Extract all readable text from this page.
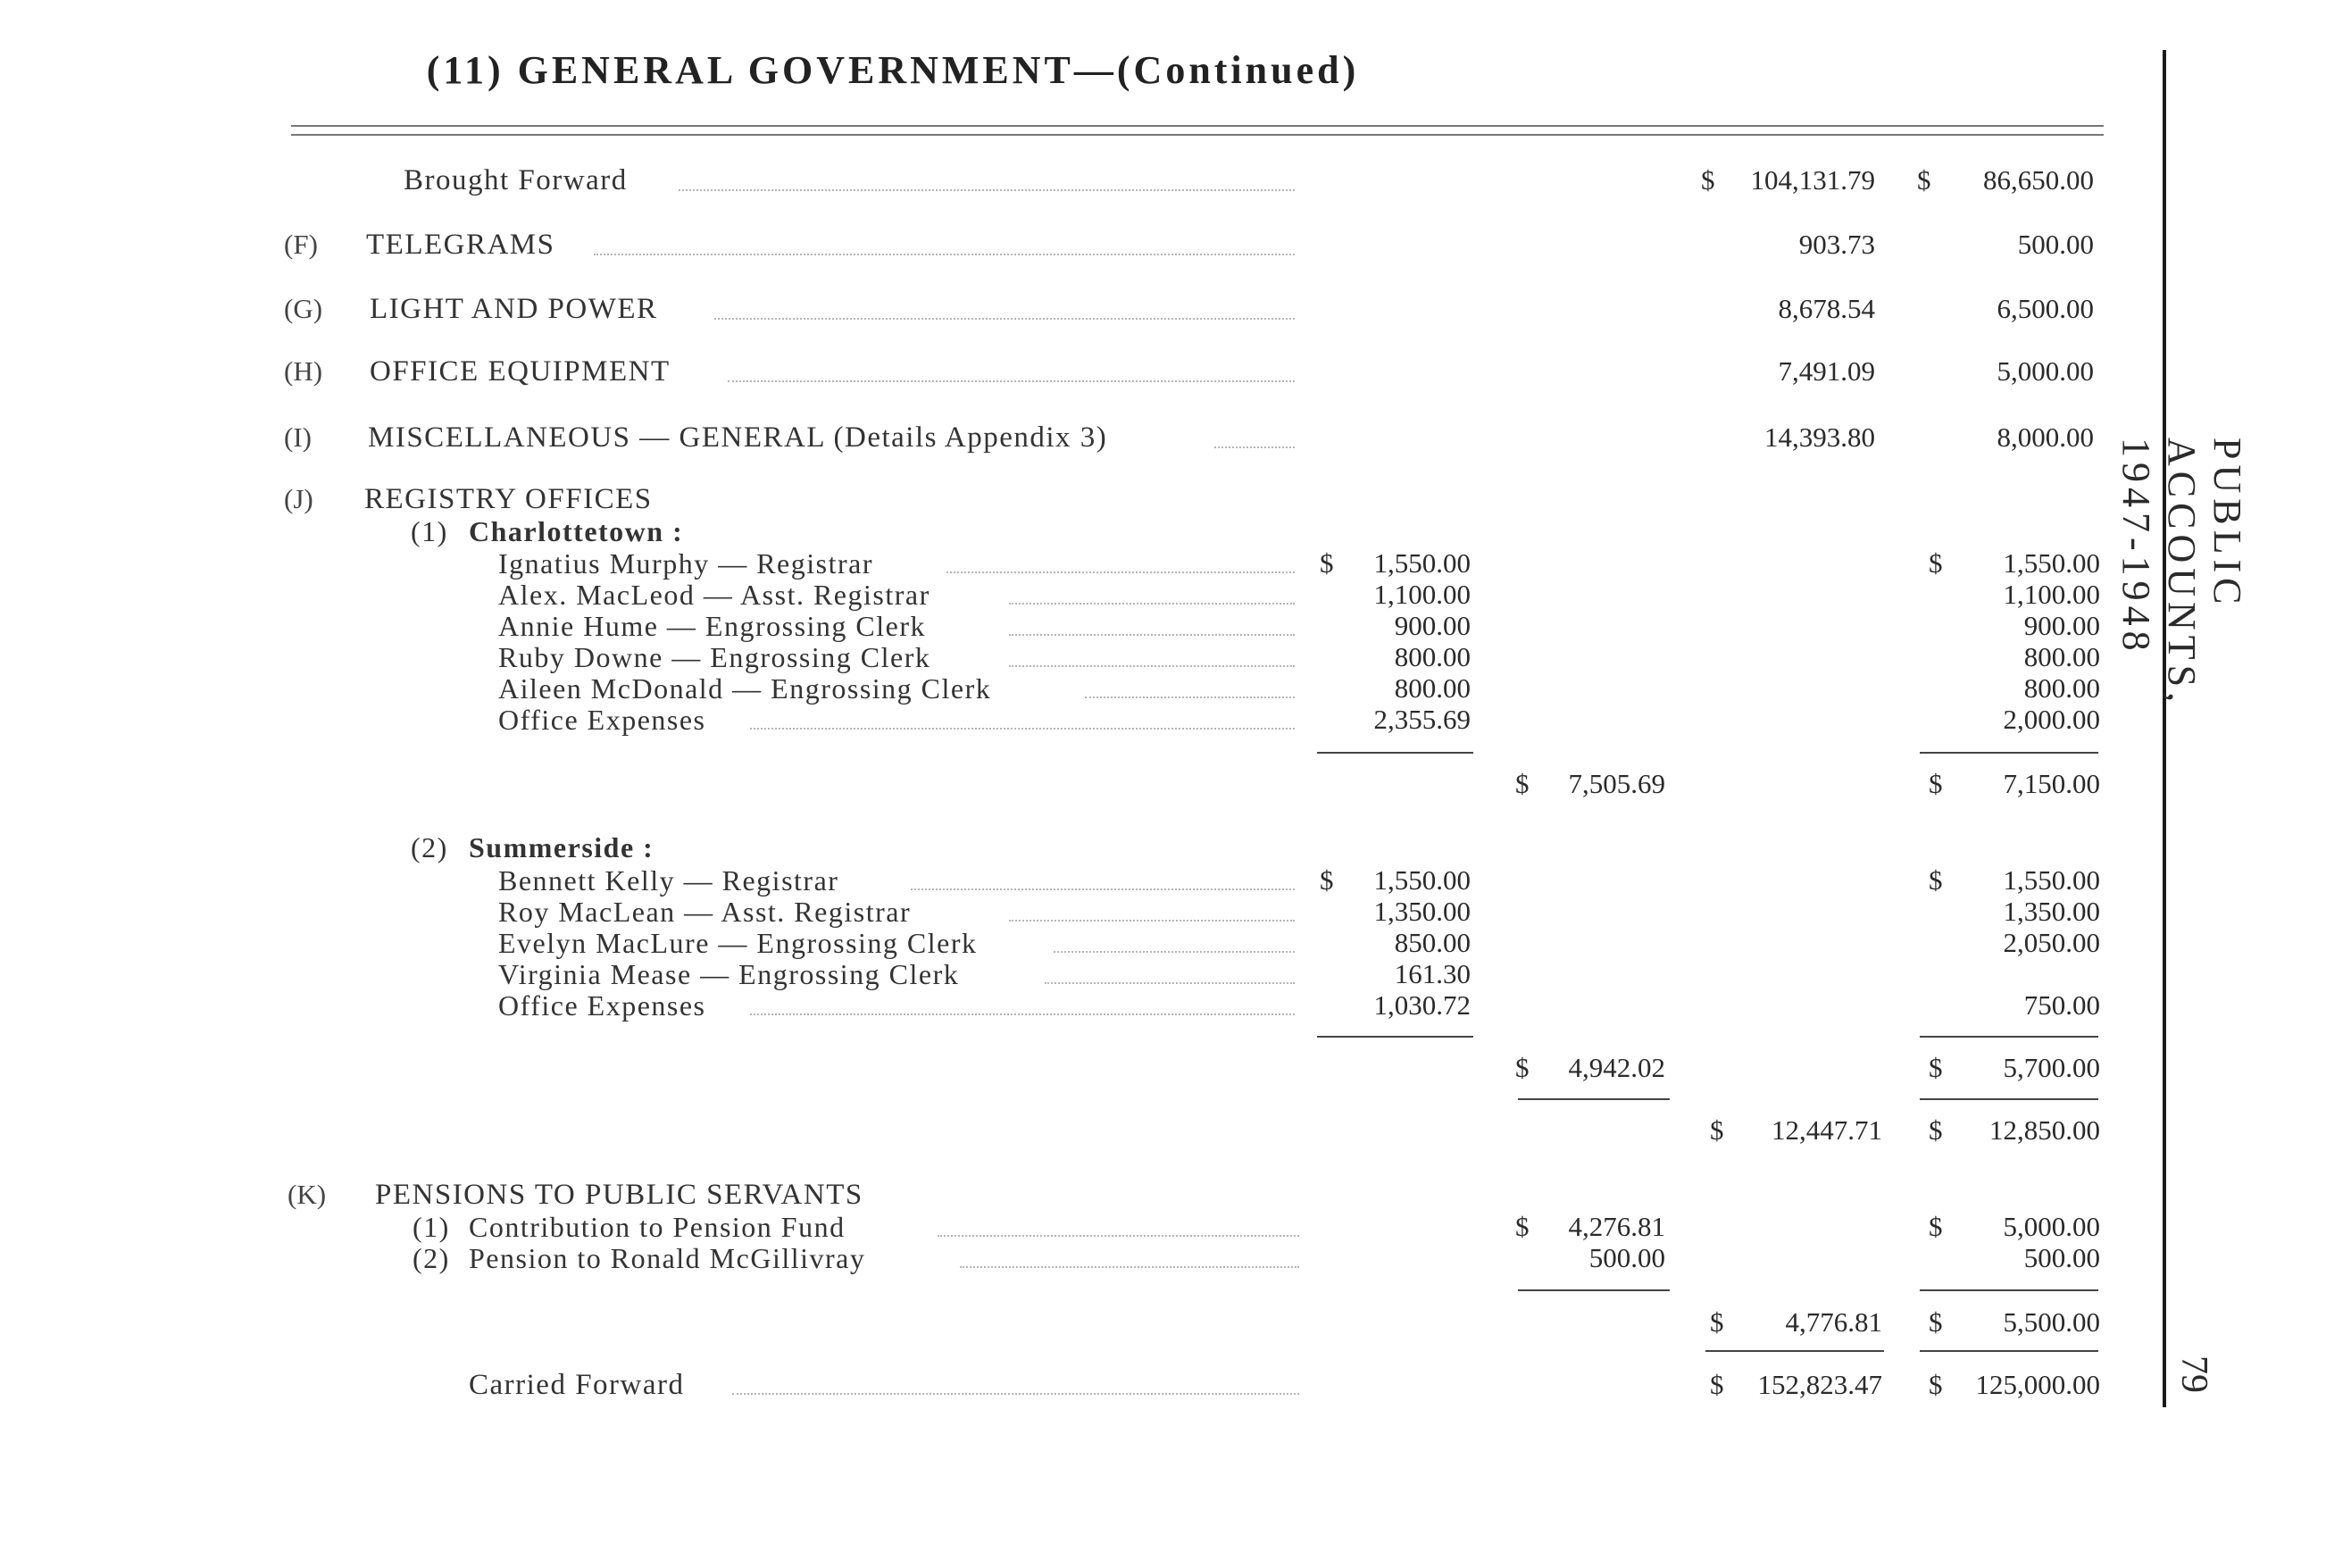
(11) GENERAL GOVERNMENT—(Continued)
Brought Forward	$	104,131.79 $	86,650.00
(F) TELEGRAMS	903.73	500.00
(G) LIGHT AND POWER	8,678.54	6,500.00
(H) OFFICE EQUIPMENT	7,491.09	5,000.00
(I) MISCELLANEOUS — GENERAL (Details Appendix 3)	14,393.80	8,000.00
(J) REGISTRY OFFICES
(1) Charlottetown :
Ignatius Murphy — Registrar	$	1,550.00	$	1,550.00
Alex. MacLeod — Asst. Registrar	1,100.00	1,100.00
Annie Hume — Engrossing Clerk	900.00	900.00
Ruby Downe — Engrossing Clerk	800.00	800.00
Aileen McDonald — Engrossing Clerk	800.00	800.00
Office Expenses	2,355.69	2,000.00
$	7,505.69	$	7,150.00
(2) Summerside :
Bennett Kelly — Registrar	$	1,550.00	$	1,550.00
Roy MacLean — Asst. Registrar	1,350.00	1,350.00
Evelyn MacLure — Engrossing Clerk	850.00	2,050.00
Virginia Mease — Engrossing Clerk	161.30
Office Expenses	1,030.72	750.00
$	4,942.02	$	5,700.00
$	12,447.71 $	12,850.00
(K) PENSIONS TO PUBLIC SERVANTS
(1) Contribution to Pension Fund	$	4,276.81	$	5,000.00
(2) Pension to Ronald McGillivray	500.00	500.00
$	4,776.81 $	5,500.00
Carried Forward	$	152,823.47 $	125,000.00
PUBLIC ACCOUNTS, 1947-1948
79
